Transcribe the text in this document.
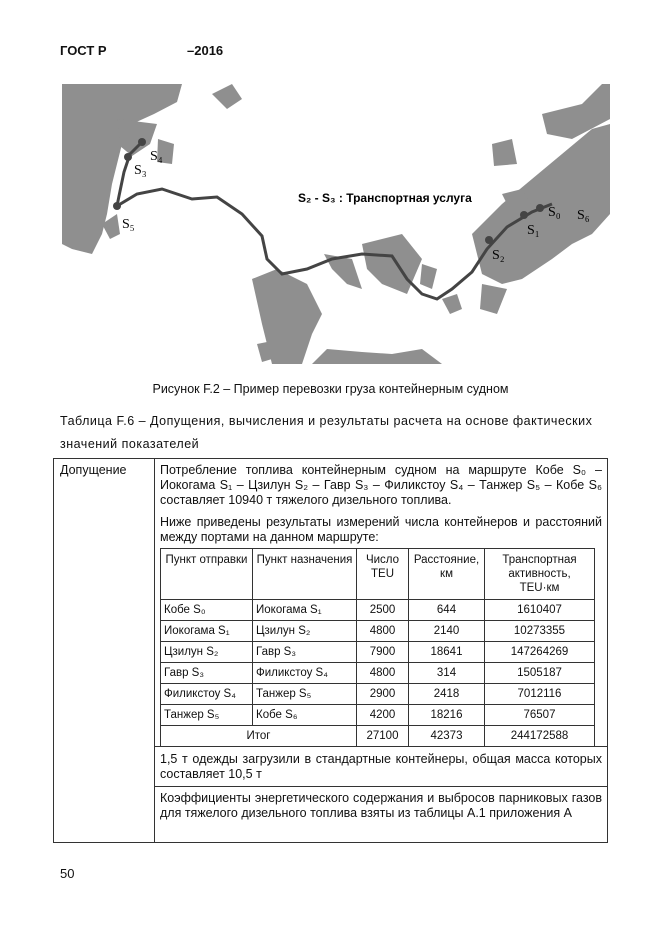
ГОСТ Р	–2016
S₄
S₃
S₅
S₂
S₁
S₀ S₆
S₂ - S₃ : Транспортная услуга
Рисунок F.2 – Пример перевозки груза контейнерным судном
Таблица F.6 – Допущения, вычисления и результаты расчета на основе фактических значений показателей
Допущение	Потребление топлива контейнерным судном на маршруте Кобе S₀ – Иокогама S₁ – Цзилун S₂ – Гавр S₃ – Филикстоу S₄ – Танжер S₅ – Кобе S₆ составляет 10940 т тяжелого дизельного топлива.
Ниже приведены результаты измерений числа контейнеров и расстояний между портами на данном маршруте:
Пункт отправки	Пункт назначения	Число TEU	Расстояние, км	Транспортная активность, TEU·км
Кобе S₀	Иокогама S₁	2500	644	1610407
Иокогама S₁	Цзилун S₂	4800	2140	10273355
Цзилун S₂	Гавр S₃	7900	18641	147264269
Гавр S₃	Филикстоу S₄	4800	314	1505187
Филикстоу S₄	Танжер S₅	2900	2418	7012116
Танжер S₅	Кобе S₆	4200	18216	76507
Итог		27100	42373	244172588
1,5 т одежды загрузили в стандартные контейнеры, общая масса которых составляет 10,5 т
Коэффициенты энергетического содержания и выбросов парниковых газов для тяжелого дизельного топлива взяты из таблицы A.1 приложения A
50
